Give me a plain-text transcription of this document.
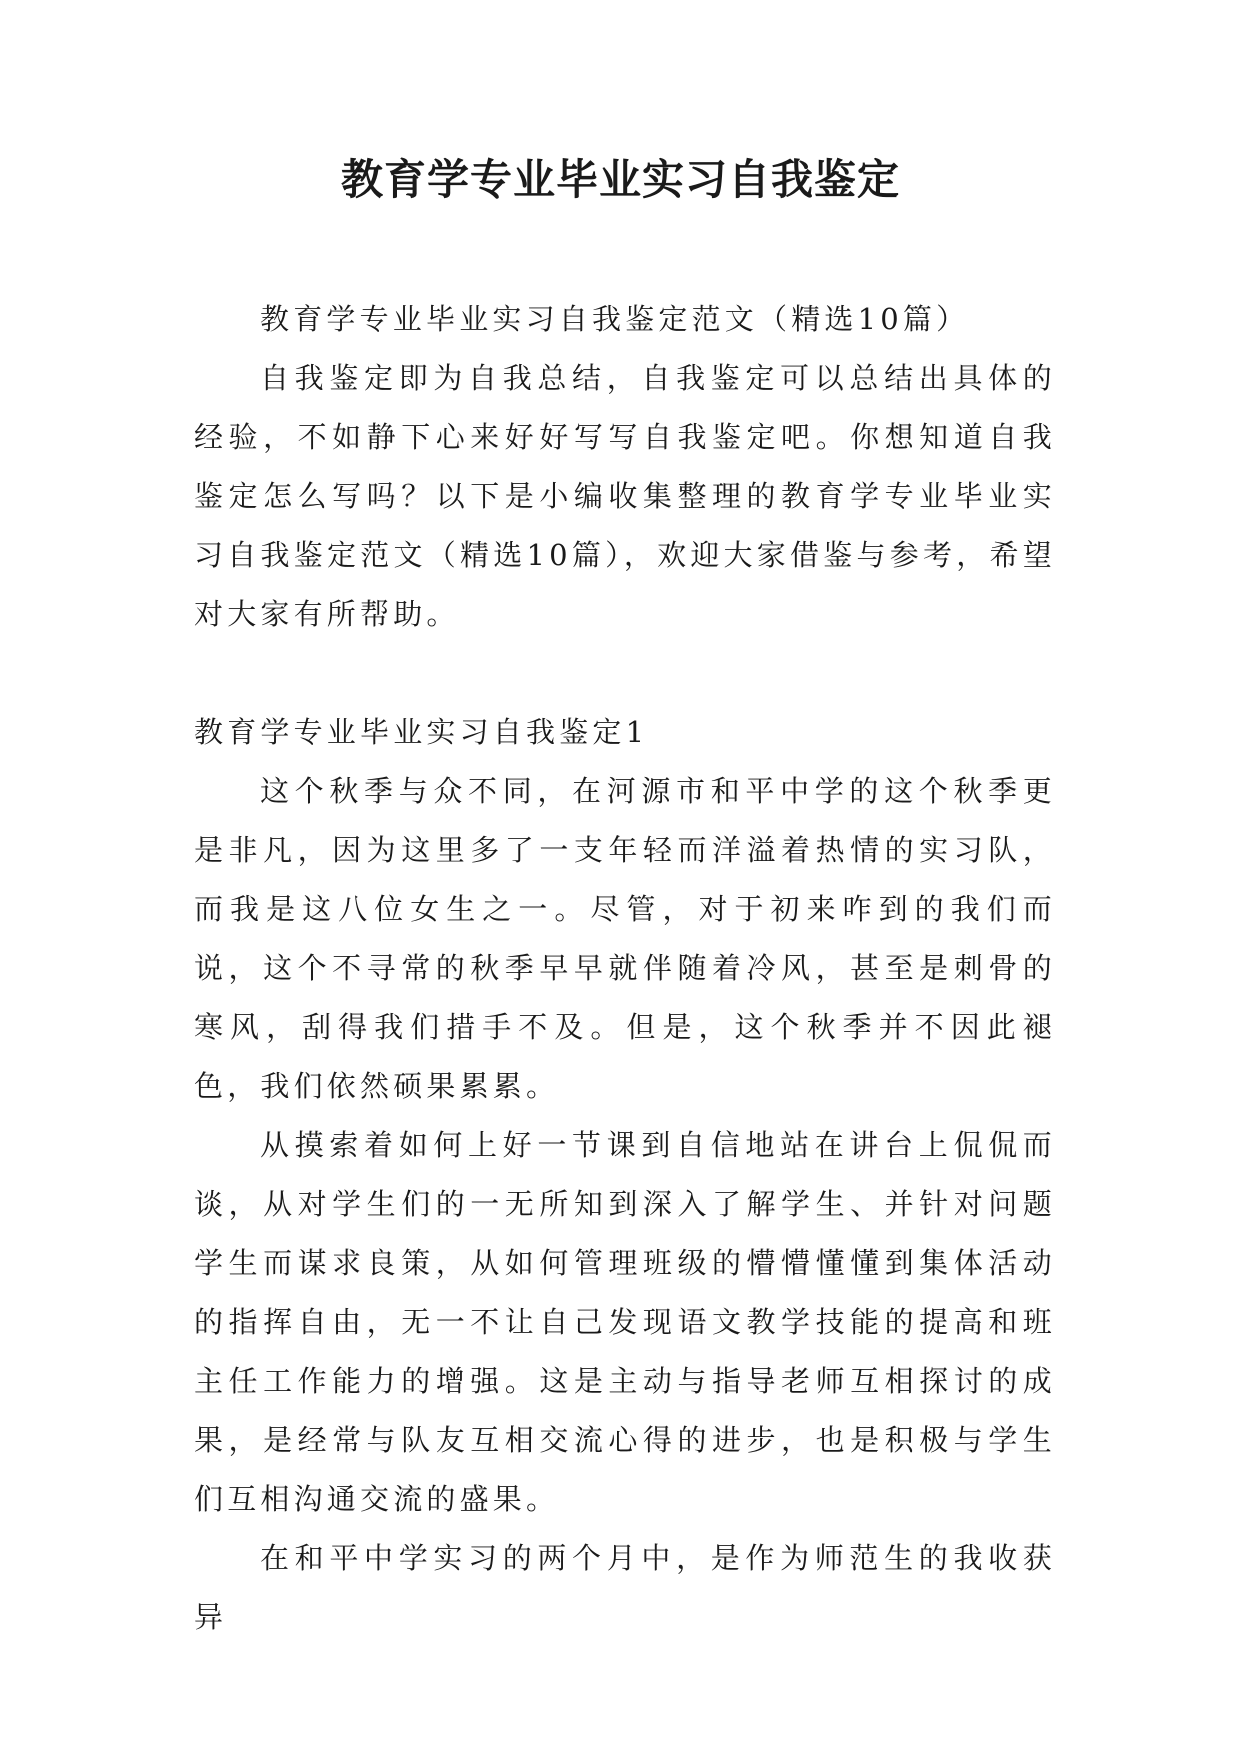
教育学专业毕业实习自我鉴定

教育学专业毕业实习自我鉴定范文（精选10篇）

自我鉴定即为自我总结，自我鉴定可以总结出具体的经验，不如静下心来好好写写自我鉴定吧。你想知道自我鉴定怎么写吗？以下是小编收集整理的教育学专业毕业实习自我鉴定范文（精选10篇），欢迎大家借鉴与参考，希望对大家有所帮助。

教育学专业毕业实习自我鉴定1

这个秋季与众不同，在河源市和平中学的这个秋季更是非凡，因为这里多了一支年轻而洋溢着热情的实习队，而我是这八位女生之一。尽管，对于初来咋到的我们而说，这个不寻常的秋季早早就伴随着冷风，甚至是刺骨的寒风，刮得我们措手不及。但是，这个秋季并不因此褪色，我们依然硕果累累。

从摸索着如何上好一节课到自信地站在讲台上侃侃而谈，从对学生们的一无所知到深入了解学生、并针对问题学生而谋求良策，从如何管理班级的懵懵懂懂到集体活动的指挥自由，无一不让自己发现语文教学技能的提高和班主任工作能力的增强。这是主动与指导老师互相探讨的成果，是经常与队友互相交流心得的进步，也是积极与学生们互相沟通交流的盛果。

在和平中学实习的两个月中，是作为师范生的我收获异
